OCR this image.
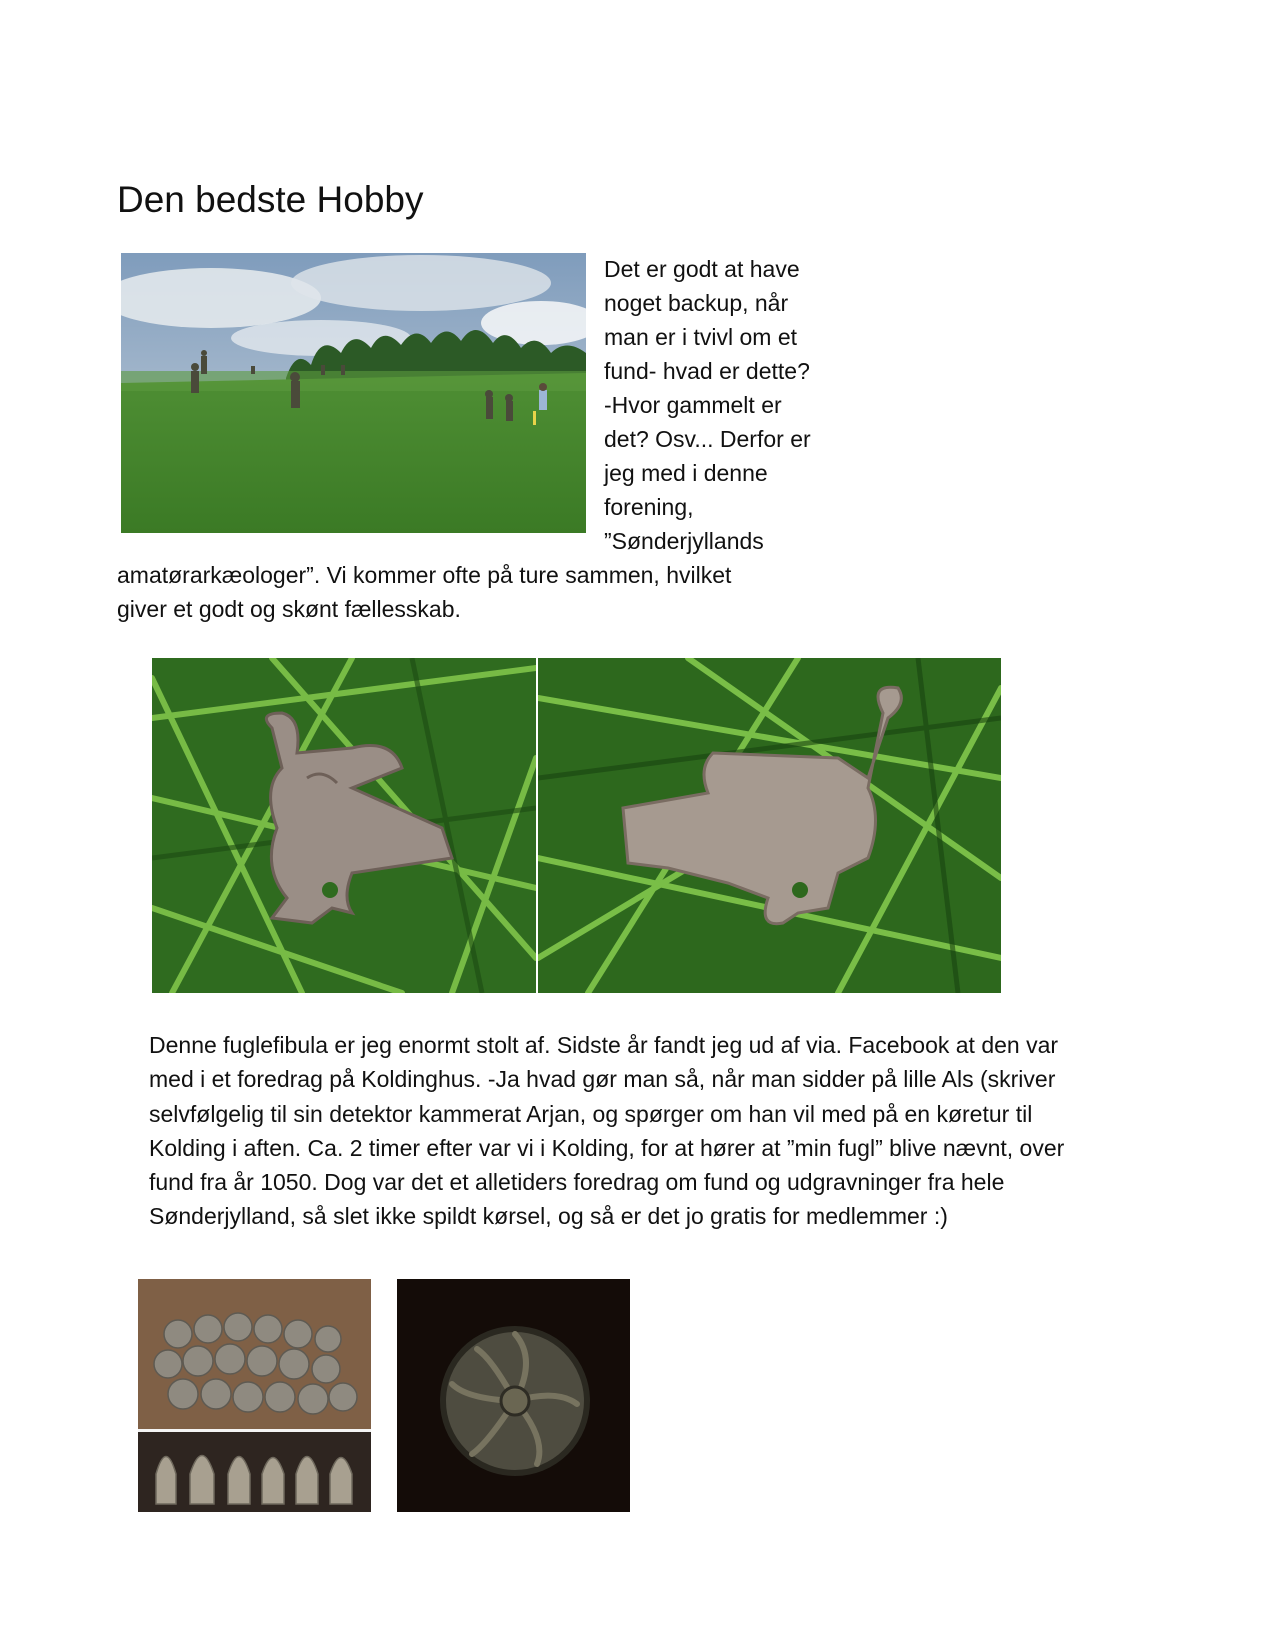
Den bedste Hobby

Det er godt at have
noget backup, når
man er i tvivl om et
fund- hvad er dette?
-Hvor gammelt er
det? Osv... Derfor er
jeg med i denne
forening,
”Sønderjyllands

amatørarkæologer”. Vi kommer ofte på ture sammen, hvilket
giver et godt og skønt fællesskab.

Denne fuglefibula er jeg enormt stolt af. Sidste år fandt jeg ud af via. Facebook at den var
med i et foredrag på Koldinghus. -Ja hvad gør man så, når man sidder på lille Als (skriver
selvfølgelig til sin detektor kammerat Arjan, og spørger om han vil med på en køretur til
Kolding i aften. Ca. 2 timer efter var vi i Kolding, for at hører at ”min fugl” blive nævnt, over
fund fra år 1050. Dog var det et alletiders foredrag om fund og udgravninger fra hele
Sønderjylland, så slet ikke spildt kørsel, og så er det jo gratis for medlemmer :)
